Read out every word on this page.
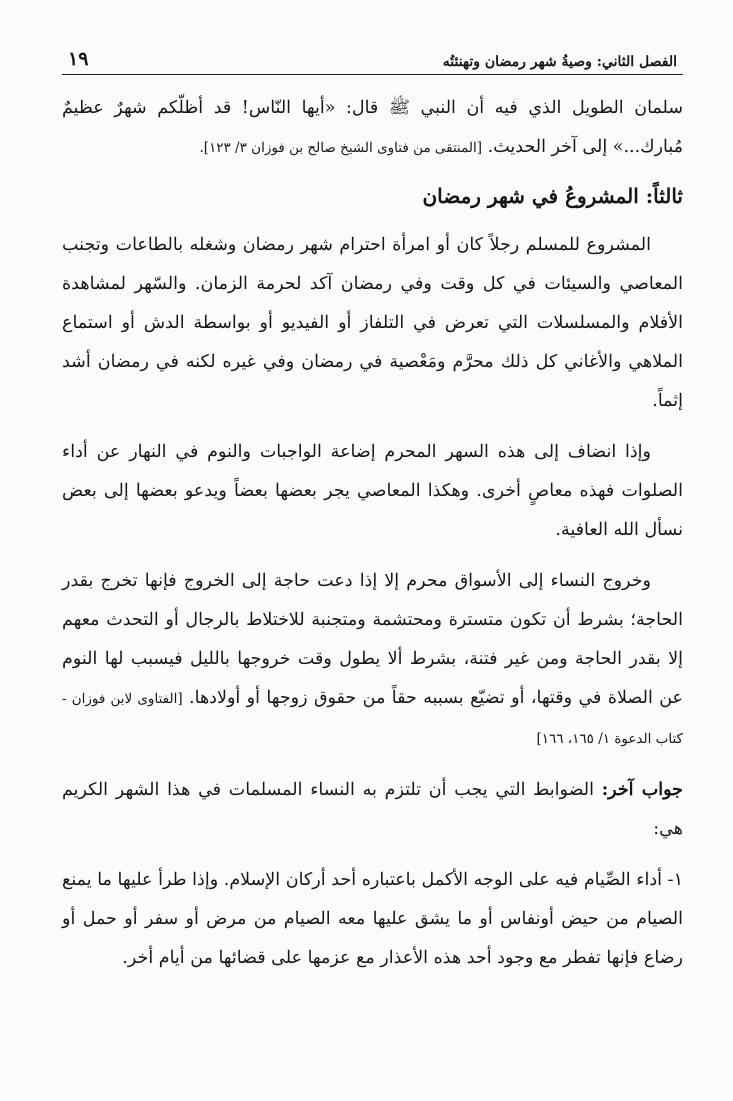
١٩	الفصل الثاني: وصيةُ شهر رمضان وتهنئتُه

سلمان الطويل الذي فيه أن النبي ﷺ قال: «أيها النّاس! قد أظلّكم شهرٌ عظيمٌ مُبارك...» إلى آخر الحديث. [المنتقى من فتاوى الشيخ صالح بن فوزان ٣/ ١٢٣].

ثالثاً: المشروعُ في شهر رمضان

المشروع للمسلم رجلاً كان أو امرأة احترام شهر رمضان وشغله بالطاعات وتجنب المعاصي والسيئات في كل وقت وفي رمضان آكد لحرمة الزمان. والسّهر لمشاهدة الأفلام والمسلسلات التي تعرض في التلفاز أو الفيديو أو بواسطة الدش أو استماع الملاهي والأغاني كل ذلك محرَّم ومَعْصية في رمضان وفي غيره لكنه في رمضان أشد إثماً.

وإذا انضاف إلى هذه السهر المحرم إضاعة الواجبات والنوم في النهار عن أداء الصلوات فهذه معاصٍ أخرى. وهكذا المعاصي يجر بعضها بعضاً ويدعو بعضها إلى بعض نسأل الله العافية.

وخروج النساء إلى الأسواق محرم إلا إذا دعت حاجة إلى الخروج فإنها تخرج بقدر الحاجة؛ بشرط أن تكون متسترة ومحتشمة ومتجنبة للاختلاط بالرجال أو التحدث معهم إلا بقدر الحاجة ومن غير فتنة، بشرط ألا يطول وقت خروجها بالليل فيسبب لها النوم عن الصلاة في وقتها، أو تضيّع بسببه حقاً من حقوق زوجها أو أولادها. [الفتاوى لابن فوزان - كتاب الدعوة ١/ ١٦٥، ١٦٦]

جواب آخر: الضوابط التي يجب أن تلتزم به النساء المسلمات في هذا الشهر الكريم هي:

١- أداء الصِّيام فيه على الوجه الأكمل باعتباره أحد أركان الإسلام. وإذا طرأ عليها ما يمنع الصيام من حيض أونفاس أو ما يشق عليها معه الصيام من مرض أو سفر أو حمل أو رضاع فإنها تفطر مع وجود أحد هذه الأعذار مع عزمها على قضائها من أيام أخر.
